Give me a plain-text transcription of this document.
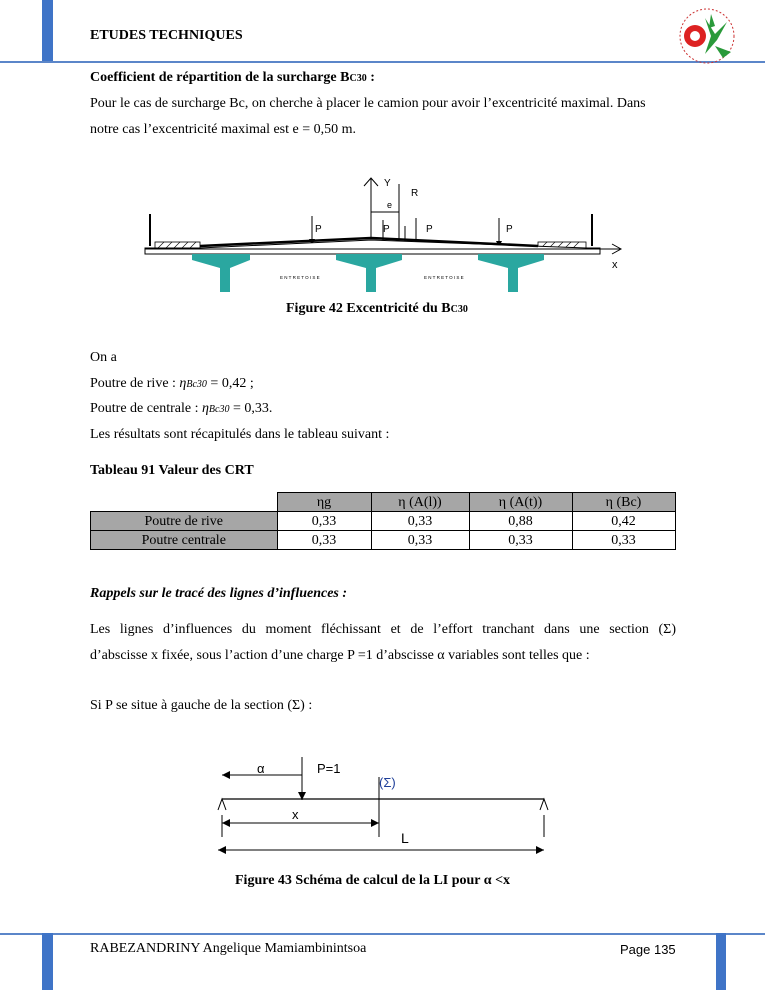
ETUDES TECHNIQUES
Coefficient de répartition de la surcharge BC30 :
Pour le cas de surcharge Bc, on cherche à placer le camion pour avoir l’excentricité maximal. Dans
notre cas l’excentricité maximal est e = 0,50 m.
Y
R
e
P	P	P	P
x
E N T R E T O I S E	E N T R E T O I S E
Figure 42 Excentricité du BC30
On a
Poutre de rive : ηBc30 = 0,42 ;
Poutre de centrale : ηBc30 = 0,33.
Les résultats sont récapitulés dans le tableau suivant :
Tableau 91 Valeur des CRT
	ηg	η (A(l))	η (A(t))	η (Bc)
Poutre de rive	0,33	0,33	0,88	0,42
Poutre centrale	0,33	0,33	0,33	0,33
Rappels sur le tracé des lignes d’influences :
Les lignes d’influences du moment fléchissant et de l’effort tranchant dans une section (Σ)
d’abscisse x fixée, sous l’action d’une charge P =1 d’abscisse α variables sont telles que :
Si P se situe à gauche de la section (Σ) :
α	P=1
(Σ)
x
L
Figure 43 Schéma de calcul de la LI pour α <x
RABEZANDRINY Angelique Mamiambinintsoa	Page 135
